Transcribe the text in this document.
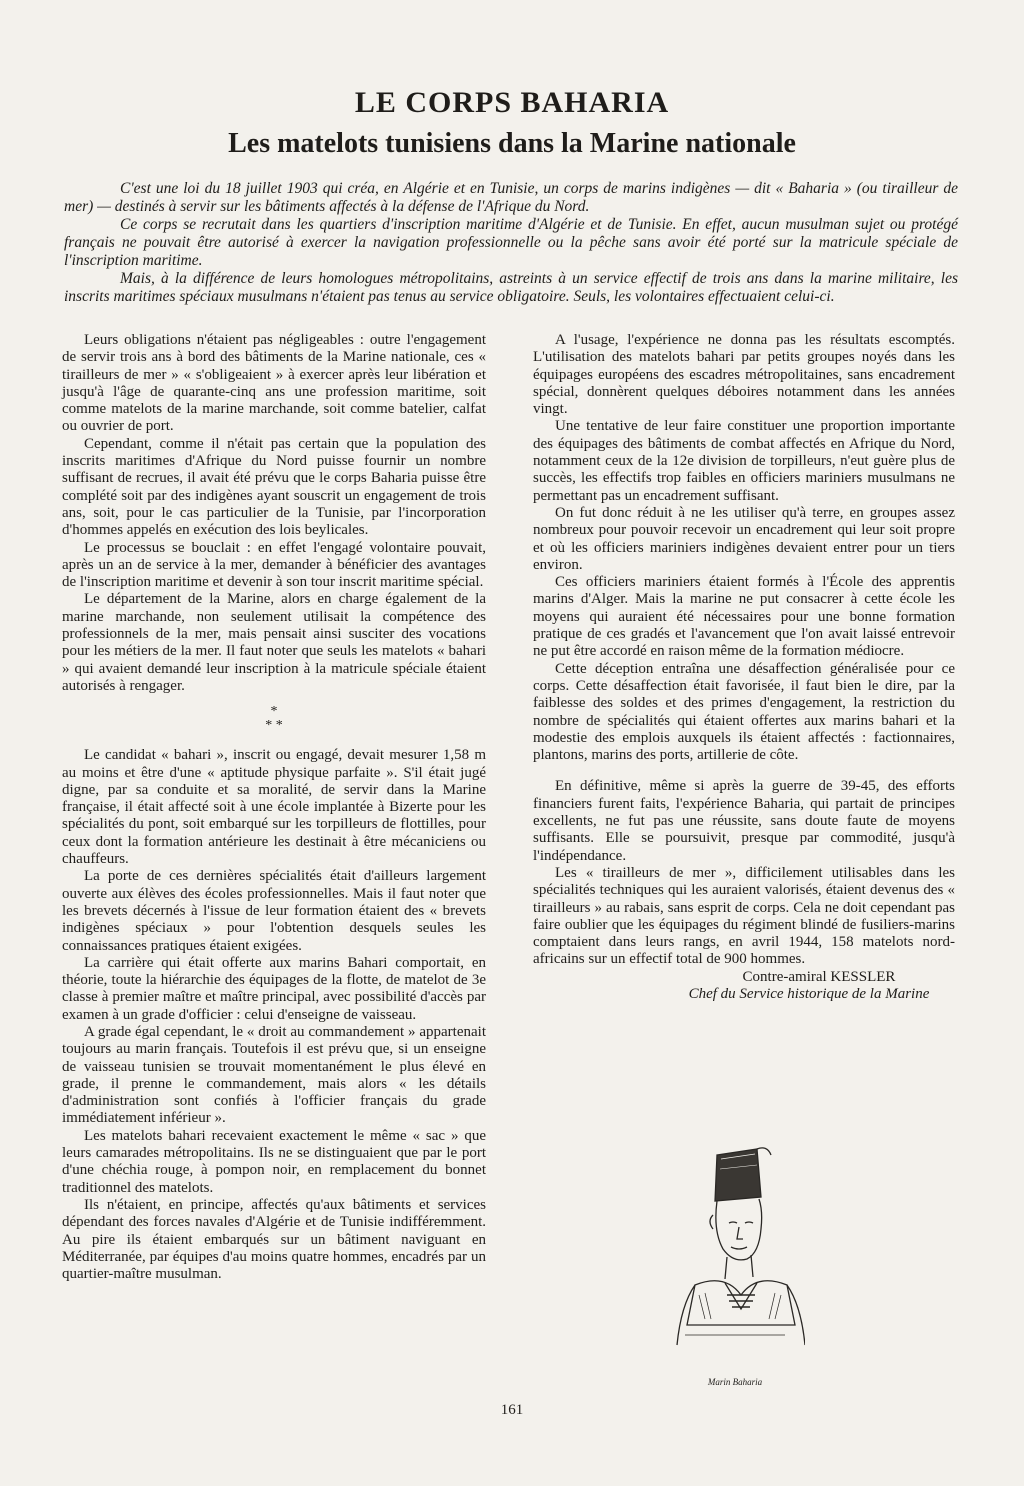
LE CORPS BAHARIA
Les matelots tunisiens dans la Marine nationale

C'est une loi du 18 juillet 1903 qui créa, en Algérie et en Tunisie, un corps de marins indigènes — dit « Baharia » (ou tirailleur de mer) — destinés à servir sur les bâtiments affectés à la défense de l'Afrique du Nord.

Ce corps se recrutait dans les quartiers d'inscription maritime d'Algérie et de Tunisie. En effet, aucun musulman sujet ou protégé français ne pouvait être autorisé à exercer la navigation professionnelle ou la pêche sans avoir été porté sur la matricule spéciale de l'inscription maritime.

Mais, à la différence de leurs homologues métropolitains, astreints à un service effectif de trois ans dans la marine militaire, les inscrits maritimes spéciaux musulmans n'étaient pas tenus au service obligatoire. Seuls, les volontaires effectuaient celui-ci.

Leurs obligations n'étaient pas négligeables : outre l'engagement de servir trois ans à bord des bâtiments de la Marine nationale, ces « tirailleurs de mer » « s'obligeaient » à exercer après leur libération et jusqu'à l'âge de quarante-cinq ans une profession maritime, soit comme matelots de la marine marchande, soit comme batelier, calfat ou ouvrier de port.

Cependant, comme il n'était pas certain que la population des inscrits maritimes d'Afrique du Nord puisse fournir un nombre suffisant de recrues, il avait été prévu que le corps Baharia puisse être complété soit par des indigènes ayant souscrit un engagement de trois ans, soit, pour le cas particulier de la Tunisie, par l'incorporation d'hommes appelés en exécution des lois beylicales.

Le processus se bouclait : en effet l'engagé volontaire pouvait, après un an de service à la mer, demander à bénéficier des avantages de l'inscription maritime et devenir à son tour inscrit maritime spécial.

Le département de la Marine, alors en charge également de la marine marchande, non seulement utilisait la compétence des professionnels de la mer, mais pensait ainsi susciter des vocations pour les métiers de la mer. Il faut noter que seuls les matelots « bahari » qui avaient demandé leur inscription à la matricule spéciale étaient autorisés à rengager.

*
* *

Le candidat « bahari », inscrit ou engagé, devait mesurer 1,58 m au moins et être d'une « aptitude physique parfaite ». S'il était jugé digne, par sa conduite et sa moralité, de servir dans la Marine française, il était affecté soit à une école implantée à Bizerte pour les spécialités du pont, soit embarqué sur les torpilleurs de flottilles, pour ceux dont la formation antérieure les destinait à être mécaniciens ou chauffeurs.

La porte de ces dernières spécialités était d'ailleurs largement ouverte aux élèves des écoles professionnelles. Mais il faut noter que les brevets décernés à l'issue de leur formation étaient des « brevets indigènes spéciaux » pour l'obtention desquels seules les connaissances pratiques étaient exigées.

La carrière qui était offerte aux marins Bahari comportait, en théorie, toute la hiérarchie des équipages de la flotte, de matelot de 3e classe à premier maître et maître principal, avec possibilité d'accès par examen à un grade d'officier : celui d'enseigne de vaisseau.

A grade égal cependant, le « droit au commandement » appartenait toujours au marin français. Toutefois il est prévu que, si un enseigne de vaisseau tunisien se trouvait momentanément le plus élevé en grade, il prenne le commandement, mais alors « les détails d'administration sont confiés à l'officier français du grade immédiatement inférieur ».

Les matelots bahari recevaient exactement le même « sac » que leurs camarades métropolitains. Ils ne se distinguaient que par le port d'une chéchia rouge, à pompon noir, en remplacement du bonnet traditionnel des matelots.

Ils n'étaient, en principe, affectés qu'aux bâtiments et services dépendant des forces navales d'Algérie et de Tunisie indifféremment. Au pire ils étaient embarqués sur un bâtiment naviguant en Méditerranée, par équipes d'au moins quatre hommes, encadrés par un quartier-maître musulman.

A l'usage, l'expérience ne donna pas les résultats escomptés. L'utilisation des matelots bahari par petits groupes noyés dans les équipages européens des escadres métropolitaines, sans encadrement spécial, donnèrent quelques déboires notamment dans les années vingt.

Une tentative de leur faire constituer une proportion importante des équipages des bâtiments de combat affectés en Afrique du Nord, notamment ceux de la 12e division de torpilleurs, n'eut guère plus de succès, les effectifs trop faibles en officiers mariniers musulmans ne permettant pas un encadrement suffisant.

On fut donc réduit à ne les utiliser qu'à terre, en groupes assez nombreux pour pouvoir recevoir un encadrement qui leur soit propre et où les officiers mariniers indigènes devaient entrer pour un tiers environ.

Ces officiers mariniers étaient formés à l'École des apprentis marins d'Alger. Mais la marine ne put consacrer à cette école les moyens qui auraient été nécessaires pour une bonne formation pratique de ces gradés et l'avancement que l'on avait laissé entrevoir ne put être accordé en raison même de la formation médiocre.

Cette déception entraîna une désaffection généralisée pour ce corps. Cette désaffection était favorisée, il faut bien le dire, par la faiblesse des soldes et des primes d'engagement, la restriction du nombre de spécialités qui étaient offertes aux marins bahari et la modestie des emplois auxquels ils étaient affectés : factionnaires, plantons, marins des ports, artillerie de côte.

En définitive, même si après la guerre de 39-45, des efforts financiers furent faits, l'expérience Baharia, qui partait de principes excellents, ne fut pas une réussite, sans doute faute de moyens suffisants. Elle se poursuivit, presque par commodité, jusqu'à l'indépendance.

Les « tirailleurs de mer », difficilement utilisables dans les spécialités techniques qui les auraient valorisés, étaient devenus des « tirailleurs » au rabais, sans esprit de corps. Cela ne doit cependant pas faire oublier que les équipages du régiment blindé de fusiliers-marins comptaient dans leurs rangs, en avril 1944, 158 matelots nord-africains sur un effectif total de 900 hommes.

Contre-amiral KESSLER
Chef du Service historique de la Marine
Marin Baharia
161
